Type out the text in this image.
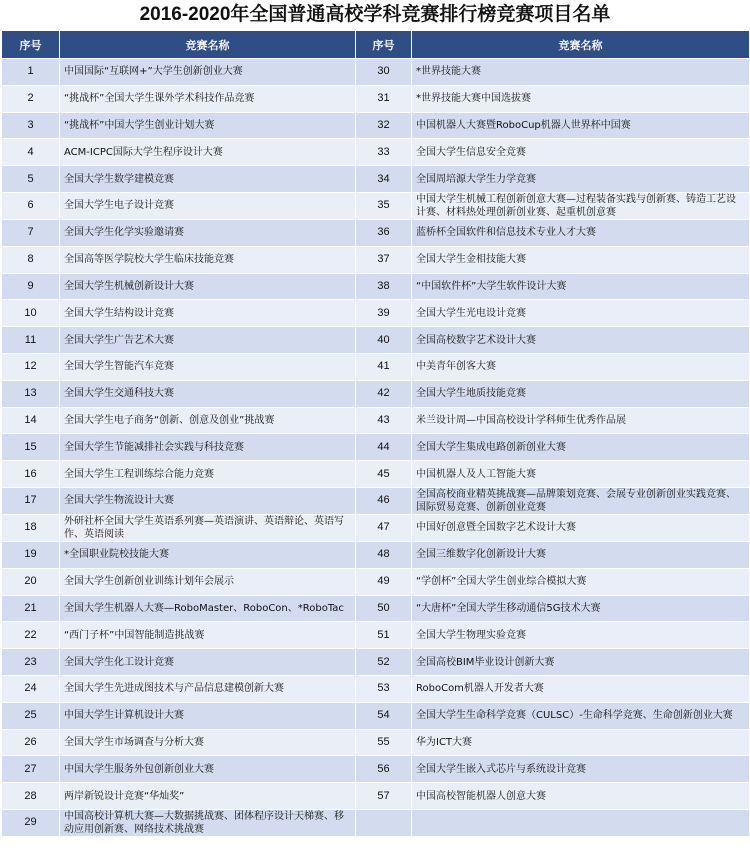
2016-2020年全国普通高校学科竞赛排行榜竞赛项目名单
序号	竞赛名称	序号	竞赛名称
1	中国国际“互联网+”大学生创新创业大赛	30	*世界技能大赛
2	“挑战杯”全国大学生课外学术科技作品竞赛	31	*世界技能大赛中国选拔赛
3	“挑战杯”中国大学生创业计划大赛	32	中国机器人大赛暨RoboCup机器人世界杯中国赛
4	ACM-ICPC国际大学生程序设计大赛	33	全国大学生信息安全竞赛
5	全国大学生数学建模竞赛	34	全国周培源大学生力学竞赛
6	全国大学生电子设计竞赛	35	中国大学生机械工程创新创意大赛—过程装备实践与创新赛、铸造工艺设计赛、材料热处理创新创业赛、起重机创意赛
7	全国大学生化学实验邀请赛	36	蓝桥杯全国软件和信息技术专业人才大赛
8	全国高等医学院校大学生临床技能竞赛	37	全国大学生金相技能大赛
9	全国大学生机械创新设计大赛	38	“中国软件杯”大学生软件设计大赛
10	全国大学生结构设计竞赛	39	全国大学生光电设计竞赛
11	全国大学生广告艺术大赛	40	全国高校数字艺术设计大赛
12	全国大学生智能汽车竞赛	41	中美青年创客大赛
13	全国大学生交通科技大赛	42	全国大学生地质技能竞赛
14	全国大学生电子商务“创新、创意及创业”挑战赛	43	米兰设计周—中国高校设计学科师生优秀作品展
15	全国大学生节能减排社会实践与科技竞赛	44	全国大学生集成电路创新创业大赛
16	全国大学生工程训练综合能力竞赛	45	中国机器人及人工智能大赛
17	全国大学生物流设计大赛	46	全国高校商业精英挑战赛—品牌策划竞赛、会展专业创新创业实践竞赛、国际贸易竞赛、创新创业竞赛
18	外研社杯全国大学生英语系列赛—英语演讲、英语辩论、英语写作、英语阅读	47	中国好创意暨全国数字艺术设计大赛
19	*全国职业院校技能大赛	48	全国三维数字化创新设计大赛
20	全国大学生创新创业训练计划年会展示	49	“学创杯”全国大学生创业综合模拟大赛
21	全国大学生机器人大赛—RoboMaster、RoboCon、*RoboTac	50	“大唐杯”全国大学生移动通信5G技术大赛
22	“西门子杯”中国智能制造挑战赛	51	全国大学生物理实验竞赛
23	全国大学生化工设计竞赛	52	全国高校BIM毕业设计创新大赛
24	全国大学生先进成图技术与产品信息建模创新大赛	53	RoboCom机器人开发者大赛
25	中国大学生计算机设计大赛	54	全国大学生生命科学竞赛（CULSC）-生命科学竞赛、生命创新创业大赛
26	全国大学生市场调查与分析大赛	55	华为ICT大赛
27	中国大学生服务外包创新创业大赛	56	全国大学生嵌入式芯片与系统设计竞赛
28	两岸新锐设计竞赛“华灿奖”	57	中国高校智能机器人创意大赛
29	中国高校计算机大赛—大数据挑战赛、团体程序设计天梯赛、移动应用创新赛、网络技术挑战赛		
